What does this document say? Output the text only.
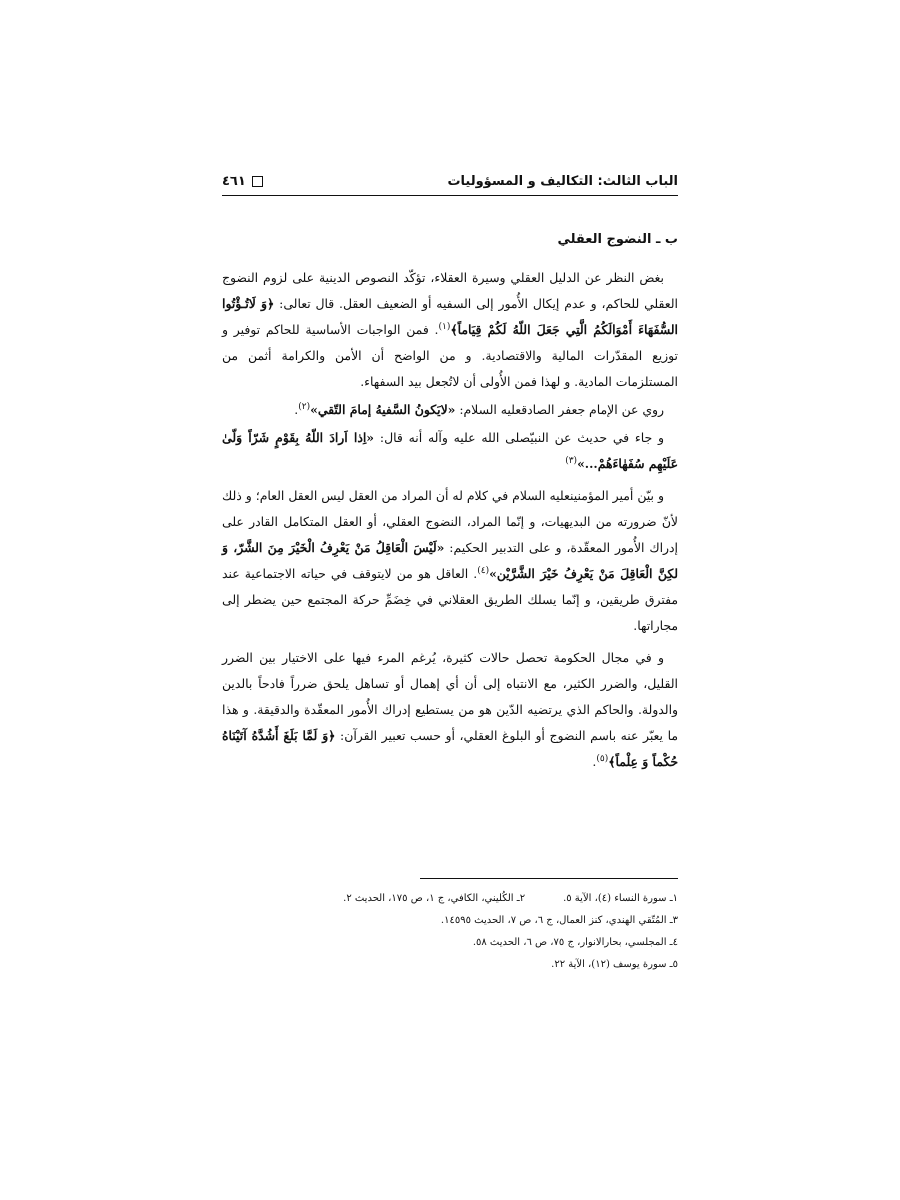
الباب الثالث: التكاليف و المسؤوليات
٤٦١
ب ـ النضوج العقلي

بغض النظر عن الدليل العقلي وسيرة العقلاء، تؤكّد النصوص الدينية على لزوم النضوج العقلي للحاكم، و عدم إيكال الأُمور إلى السفيه أو الضعيف العقل. قال تعالى: ﴿وَ لَاتُـؤْتُوا السُّفَهَاءَ أَمْوَالَكُمُ الَّتِي جَعَلَ اللّهُ لَكُمْ قِيَاماً﴾$^{(١)}$. فمن الواجبات الأساسية للحاكم توفير و توزيع المقدّرات المالية والاقتصادية. و من الواضح أن الأمن والكرامة أثمن من المستلزمات المادية. و لهذا فمن الأُولى أن لاتُجعل بيد السفهاء.

روي عن الإمام جعفر الصادقعليه السلام: «لايَكونُ السَّفيهُ إمامَ التّقي»$^{(٢)}$.

و جاء في حديث عن النبيّصلى الله عليه وآله أنه قال: «اِذا اَرادَ اللّهُ بِقَوْمٍ شَرّاً وَلّىٰ عَلَيْهِم سُفَهٰاءَهُمْ...»$^{(٣)}$

و بيّن أمير المؤمنينعليه السلام في كلام له أن المراد من العقل ليس العقل العام؛ و ذلك لأنّ ضرورته من البديهيات، و إنّما المراد، النضوج العقلي، أو العقل المتكامل القادر على إدراك الأُمور المعقّدة، و على التدبير الحكيم: «لَيْسَ الْعَاقِلُ مَنْ يَعْرِفُ الْخَيْرَ مِنَ الشَّرّ، وَ لكِنَّ الْعَاقِلَ مَنْ يَعْرِفُ خَيْرَ الشَّرَّيْن»$^{(٤)}$. العاقل هو من لايتوقف في حياته الاجتماعية عند مفترق طريقين، و إنّما يسلك الطريق العقلاني في خِضَمِّ حركة المجتمع حين يضطر إلى مجاراتها.

و في مجال الحكومة تحصل حالات كثيرة، يُرغم المرء فيها على الاختيار بين الضرر القليل، والضرر الكثير، مع الانتباه إلى أن أي إهمال أو تساهل يلحق ضرراً فادحاً بالدين والدولة. والحاكم الذي يرتضيه الدّين هو من يستطيع إدراك الأُمور المعقّدة والدقيقة. و هذا ما يعبّر عنه باسم النضوج أو البلوغ العقلي، أو حسب تعبير القرآن: ﴿وَ لَمَّا بَلَغَ أَشُدَّهُ آتَيْنَاهُ حُكْماً وَ عِلْماً﴾$^{(٥)}$.

١ـ سورة النساء (٤)، الآية ٥.
٢ـ الكُليني، الكافي، ج ١، ص ١٧٥، الحديث ٢.
٣ـ المُتّقي الهندي، كنز العمال، ج ٦، ص ٧، الحديث ١٤٥٩٥.
٤ـ المجلسي، بحارالانوار، ج ٧٥، ص ٦، الحديث ٥٨.
٥ـ سورة يوسف (١٢)، الآية ٢٢.
